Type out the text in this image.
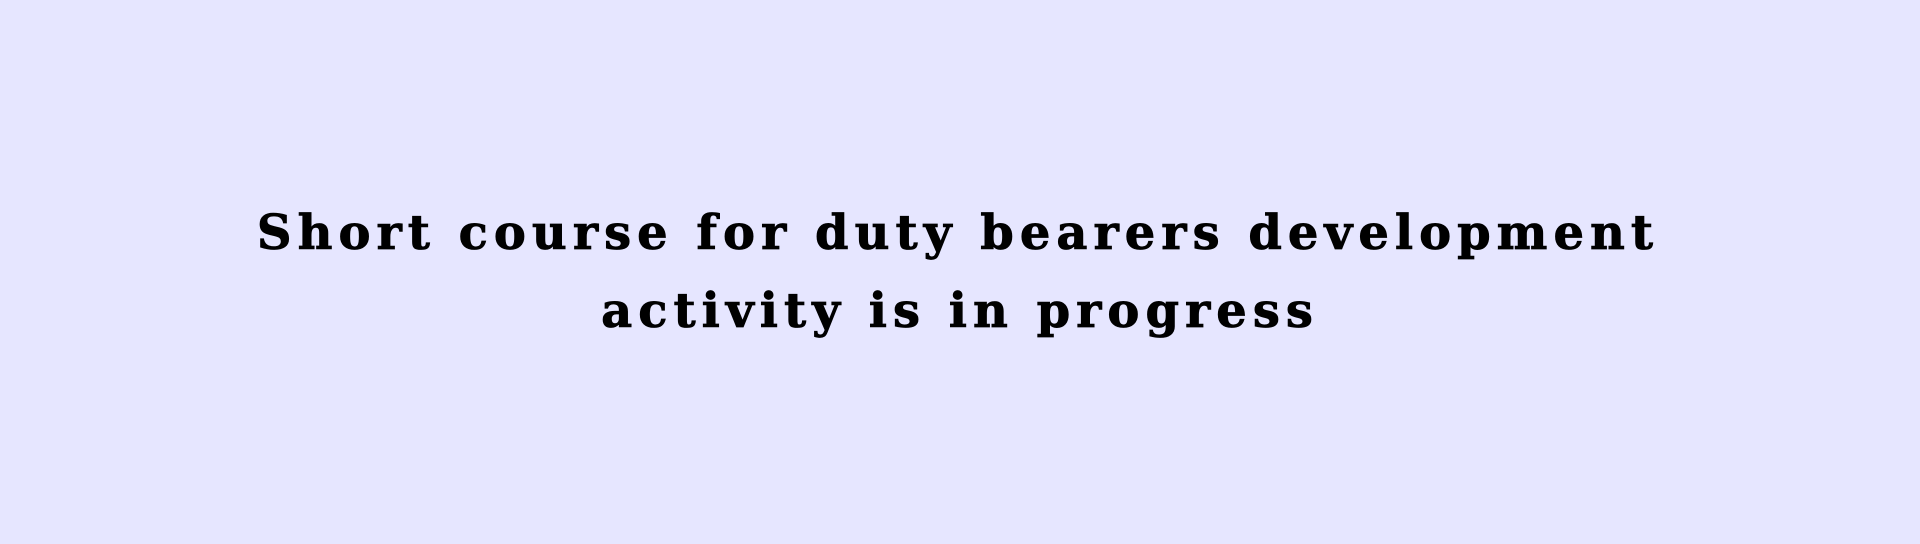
Short course for duty bearers development
activity is in progress
